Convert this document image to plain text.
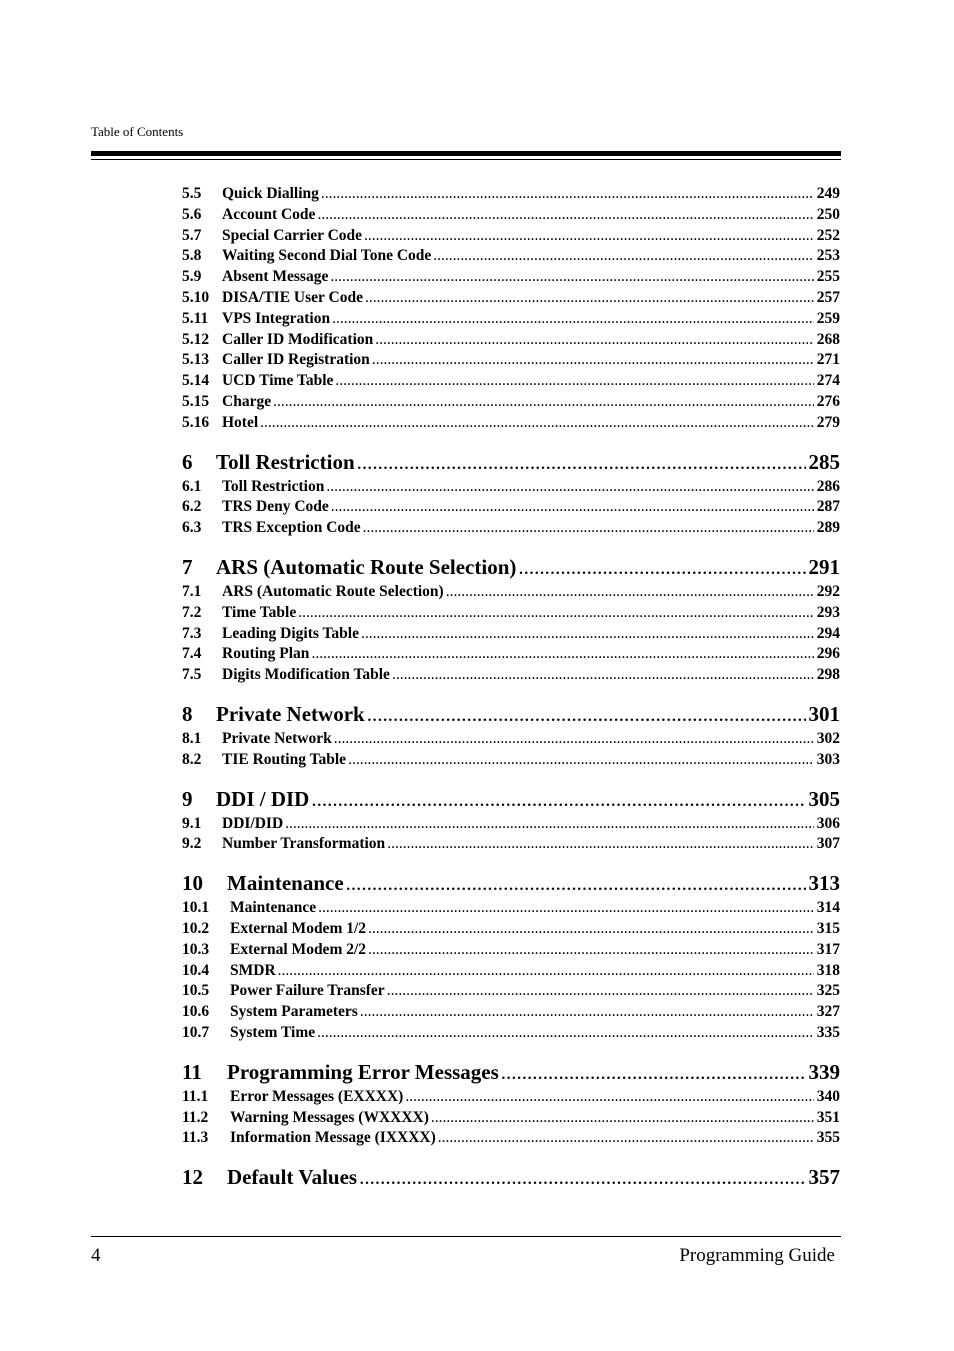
Table of Contents
5.5	Quick Dialling .....	249
5.6	Account Code .....	250
5.7	Special Carrier Code .....	252
5.8	Waiting Second Dial Tone Code .....	253
5.9	Absent Message .....	255
5.10 DISA/TIE User Code .....	257
5.11 VPS Integration .....	259
5.12 Caller ID Modification .....	268
5.13 Caller ID Registration .....	271
5.14 UCD Time Table .....	274
5.15 Charge .....	276
5.16 Hotel .....	279
6	Toll Restriction .....	285
6.1	Toll Restriction .....	286
6.2	TRS Deny Code .....	287
6.3	TRS Exception Code .....	289
7	ARS (Automatic Route Selection) .....	291
7.1	ARS (Automatic Route Selection) .....	292
7.2	Time Table .....	293
7.3	Leading Digits Table .....	294
7.4	Routing Plan .....	296
7.5	Digits Modification Table .....	298
8	Private Network .....	301
8.1	Private Network .....	302
8.2	TIE Routing Table .....	303
9	DDI / DID .....	305
9.1	DDI/DID .....	306
9.2	Number Transformation .....	307
10	Maintenance .....	313
10.1	Maintenance .....	314
10.2	External Modem 1/2 .....	315
10.3	External Modem 2/2 .....	317
10.4	SMDR .....	318
10.5	Power Failure Transfer .....	325
10.6	System Parameters .....	327
10.7	System Time .....	335
11	Programming Error Messages .....	339
11.1	Error Messages (EXXXX) .....	340
11.2	Warning Messages (WXXXX) .....	351
11.3	Information Message (IXXXX) .....	355
12	Default Values .....	357
4	Programming Guide
